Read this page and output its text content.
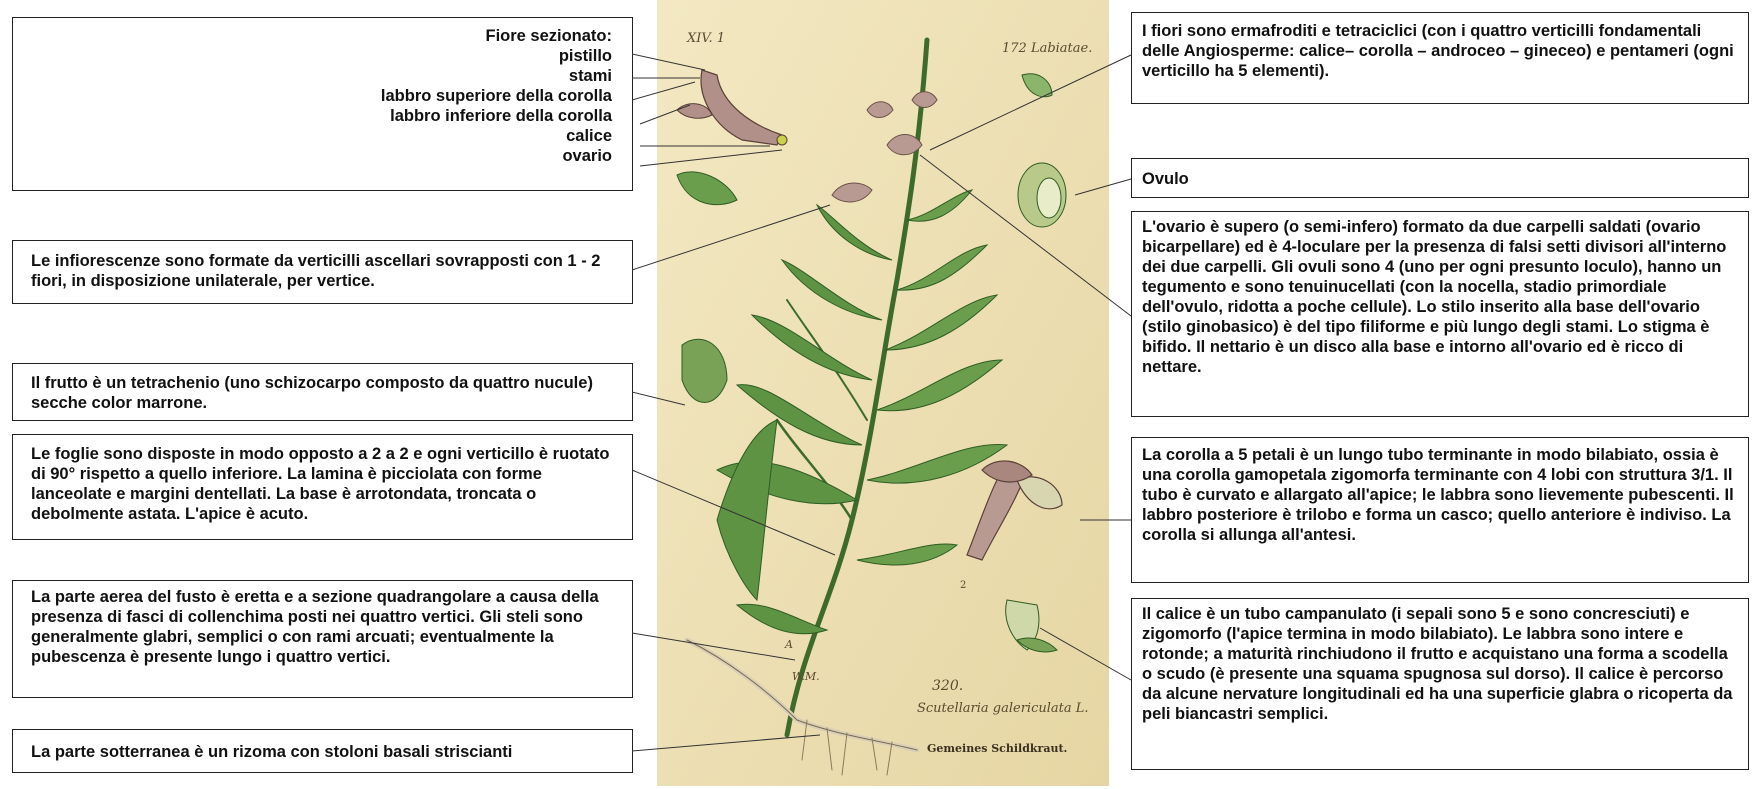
Fiore sezionato:
pistillo
stami
labbro superiore della corolla
labbro inferiore della corolla
calice
ovario
Le infiorescenze sono formate da verticilli ascellari sovrapposti con 1 - 2 fiori, in disposizione unilaterale, per vertice.
Il frutto è un tetrachenio (uno schizocarpo composto da quattro nucule) secche color marrone.
Le foglie sono disposte in modo opposto a 2 a 2 e ogni verticillo è ruotato di 90° rispetto a quello inferiore. La lamina è picciolata con forme lanceolate e margini dentellati. La base è arrotondata, troncata o debolmente astata. L'apice è acuto.
La parte aerea del fusto è eretta e a sezione quadrangolare a causa della presenza di fasci di collenchima posti nei quattro vertici. Gli steli sono generalmente glabri, semplici o con rami arcuati; eventualmente la pubescenza è presente lungo i quattro vertici.
La parte sotterranea è un rizoma con stoloni basali striscianti
I fiori sono ermafroditi e tetraciclici (con i quattro verticilli fondamentali delle Angiosperme: calice– corolla – androceo – gineceo) e pentameri (ogni verticillo ha 5 elementi).
Ovulo
L'ovario è supero (o semi-infero) formato da due carpelli saldati (ovario bicarpellare) ed è 4-loculare per la presenza di falsi setti divisori all'interno dei due carpelli. Gli ovuli sono 4 (uno per ogni presunto loculo), hanno un tegumento e sono tenuinucellati (con la nocella, stadio primordiale dell'ovulo, ridotta a poche cellule). Lo stilo inserito alla base dell'ovario (stilo ginobasico) è del tipo filiforme e più lungo degli stami. Lo stigma è bifido. Il nettario è un disco alla base e intorno all'ovario ed è ricco di nettare.
La corolla a 5 petali è un lungo tubo terminante in modo bilabiato, ossia è una corolla gamopetala zigomorfa terminante con 4 lobi con struttura 3/1. Il tubo è curvato e allargato all'apice; le labbra sono lievemente pubescenti. Il labbro posteriore è trilobo e forma un casco; quello anteriore è indiviso. La corolla si allunga all'antesi.
Il calice è un tubo campanulato (i sepali sono 5 e sono concresciuti) e zigomorfo (l'apice termina in modo bilabiato). Le labbra sono intere e rotonde; a maturità rinchiudono il frutto e acquistano una forma a scodella o scudo (è presente una squama spugnosa sul dorso). Il calice è percorso da alcune nervature longitudinali ed ha una superficie glabra o ricoperta da peli biancastri semplici.
XIV. 1
172 Labiatae.
W.M.
320.
Scutellaria galericulata L.
Gemeines Schildkraut.
A
2
